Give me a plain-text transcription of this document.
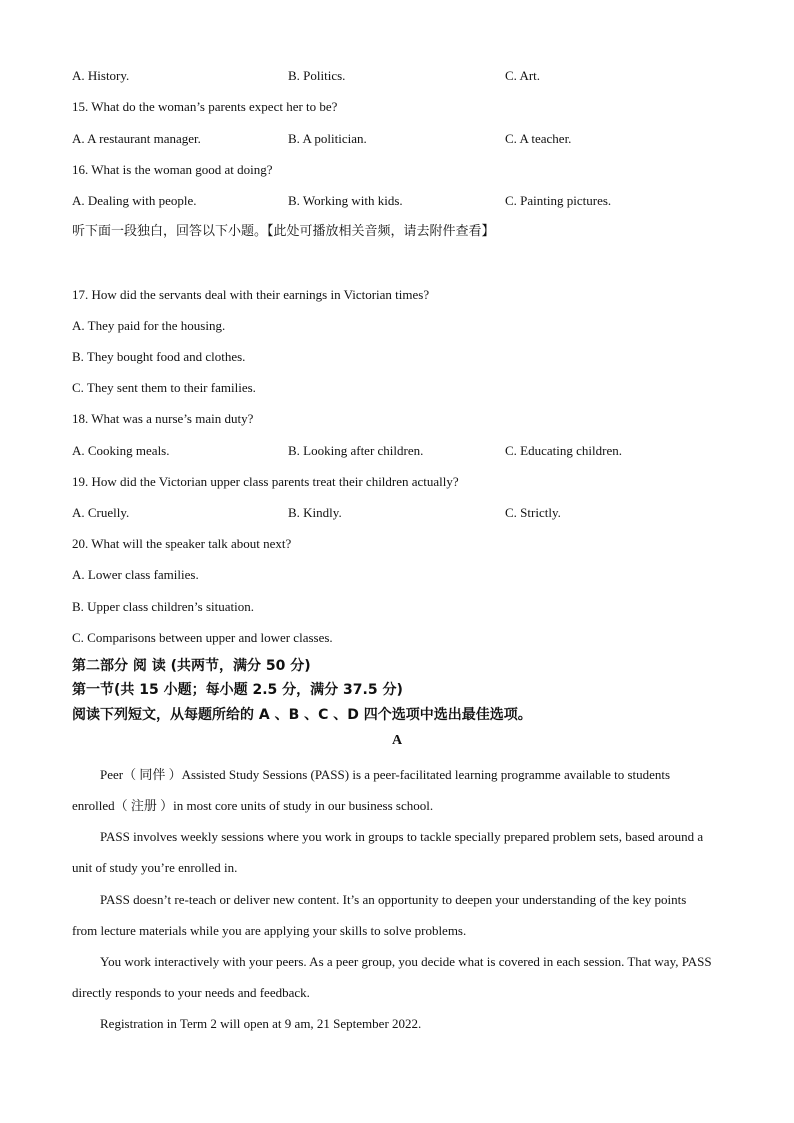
A. History.	B. Politics.	C. Art.
15. What do the woman’s parents expect her to be?
A. A restaurant manager.	B. A politician.	C. A teacher.
16. What is the woman good at doing?
A. Dealing with people.	B. Working with kids.	C. Painting pictures.
听下面一段独白，回答以下小题。【此处可播放相关音频，请去附件查看】
17. How did the servants deal with their earnings in Victorian times?
A. They paid for the housing.
B. They bought food and clothes.
C. They sent them to their families.
18. What was a nurse’s main duty?
A. Cooking meals.	B. Looking after children.	C. Educating children.
19. How did the Victorian upper class parents treat their children actually?
A. Cruelly.	B. Kindly.	C. Strictly.
20. What will the speaker talk about next?
A. Lower class families.
B. Upper class children’s situation.
C. Comparisons between upper and lower classes.
第二部分 阅 读 (共两节，满分 50 分)
第一节(共 15 小题；每小题 2.5 分，满分 37.5 分)
阅读下列短文，从每题所给的 A 、B 、C 、D 四个选项中选出最佳选项。
A
Peer（ 同伴 ）Assisted Study Sessions (PASS) is a peer-facilitated learning programme available to students enrolled（ 注册 ）in most core units of study in our business school.
PASS involves weekly sessions where you work in groups to tackle specially prepared problem sets, based around a unit of study you’re enrolled in.
PASS doesn’t re-teach or deliver new content. It’s an opportunity to deepen your understanding of the key points from lecture materials while you are applying your skills to solve problems.
You work interactively with your peers. As a peer group, you decide what is covered in each session. That way, PASS directly responds to your needs and feedback.
Registration in Term 2 will open at 9 am, 21 September 2022.
